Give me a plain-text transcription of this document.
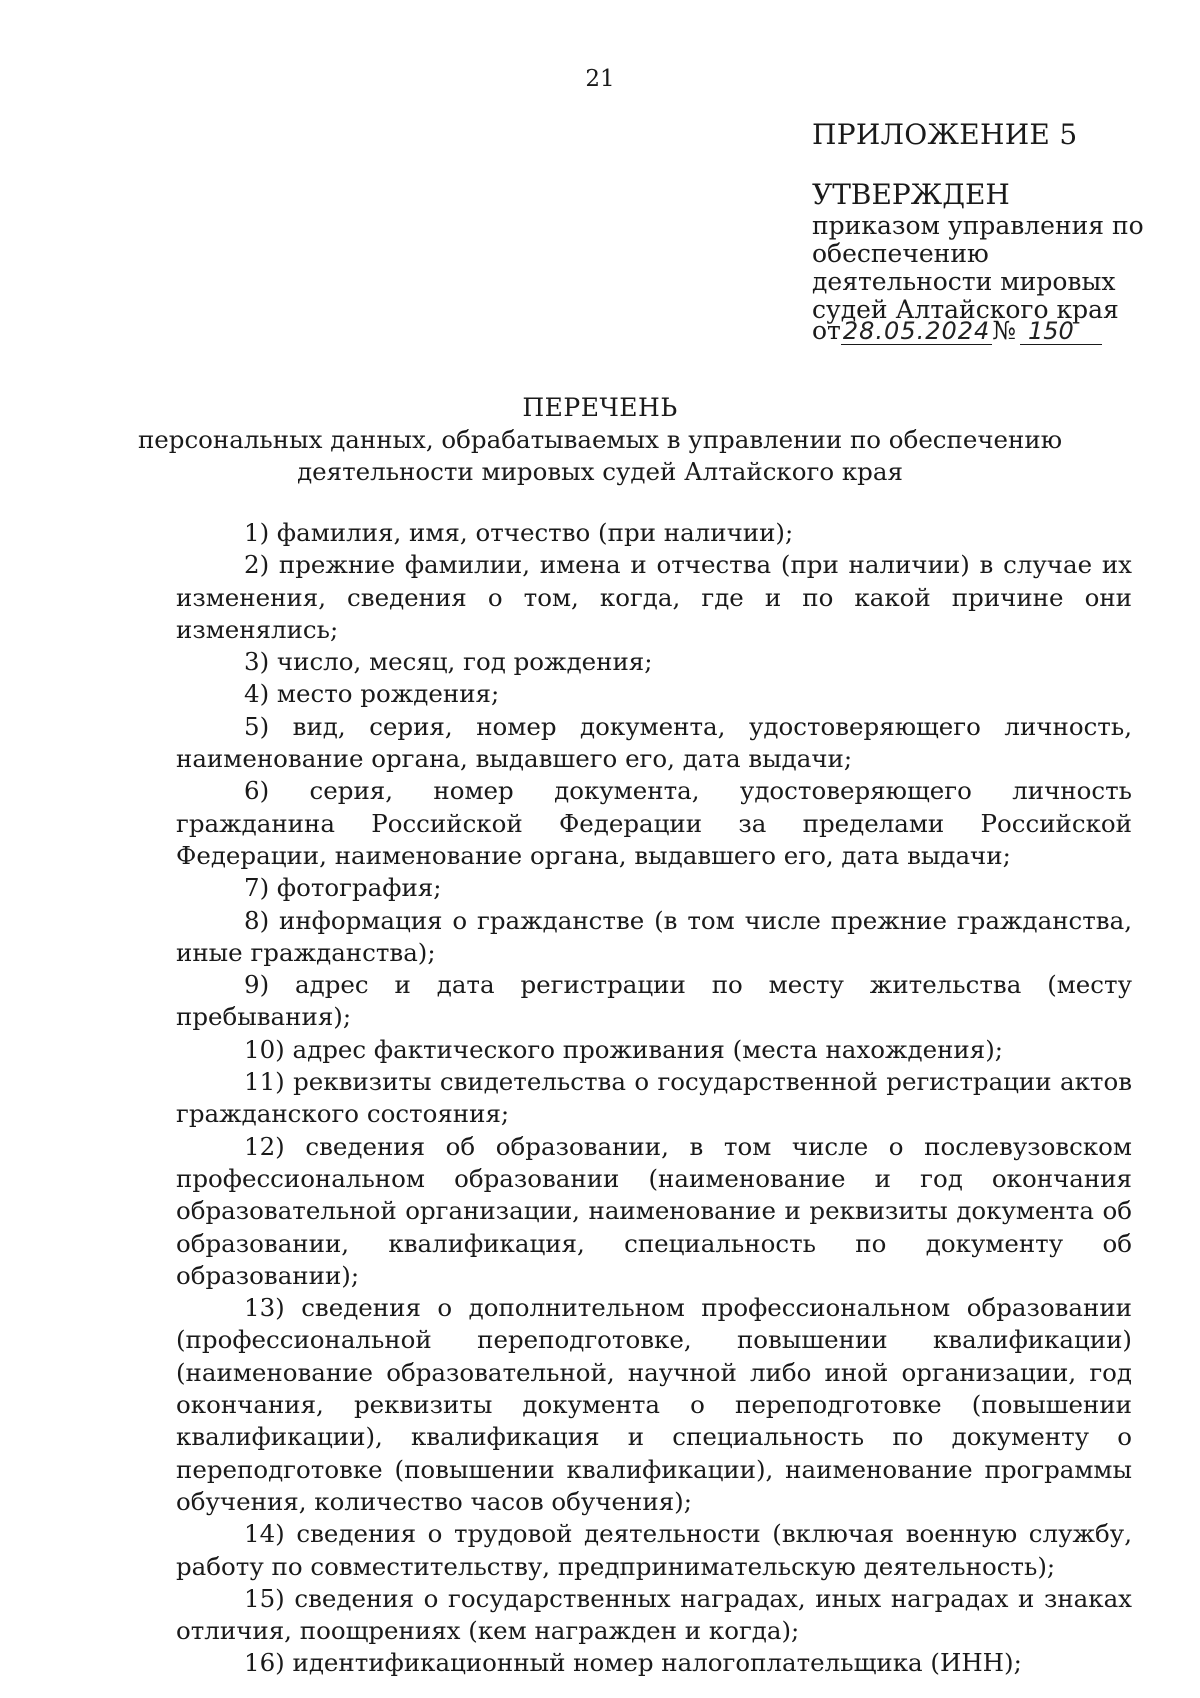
21
ПРИЛОЖЕНИЕ 5
УТВЕРЖДЕН
приказом управления по
обеспечению
деятельности мировых
судей Алтайского края
от28.05.2024№ 150
ПЕРЕЧЕНЬ
персональных данных, обрабатываемых в управлении по обеспечению
деятельности мировых судей Алтайского края

1) фамилия, имя, отчество (при наличии);

2) прежние фамилии, имена и отчества (при наличии) в случае их изменения, сведения о том, когда, где и по какой причине они изменялись;

3) число, месяц, год рождения;

4) место рождения;

5) вид, серия, номер документа, удостоверяющего личность, наименование органа, выдавшего его, дата выдачи;

6) серия, номер документа, удостоверяющего личность гражданина Российской Федерации за пределами Российской Федерации, наименование органа, выдавшего его, дата выдачи;

7) фотография;

8) информация о гражданстве (в том числе прежние гражданства, иные гражданства);

9) адрес и дата регистрации по месту жительства (месту пребывания);

10) адрес фактического проживания (места нахождения);

11) реквизиты свидетельства о государственной регистрации актов гражданского состояния;

12) сведения об образовании, в том числе о послевузовском профессиональном образовании (наименование и год окончания образовательной организации, наименование и реквизиты документа об образовании, квалификация, специальность по документу об образовании);

13) сведения о дополнительном профессиональном образовании (профессиональной переподготовке, повышении квалификации) (наименование образовательной, научной либо иной организации, год окончания, реквизиты документа о переподготовке (повышении квалификации), квалификация и специальность по документу о переподготовке (повышении квалификации), наименование программы обучения, количество часов обучения);

14) сведения о трудовой деятельности (включая военную службу, работу по совместительству, предпринимательскую деятельность);

15) сведения о государственных наградах, иных наградах и знаках отличия, поощрениях (кем награжден и когда);

16) идентификационный номер налогоплательщика (ИНН);
